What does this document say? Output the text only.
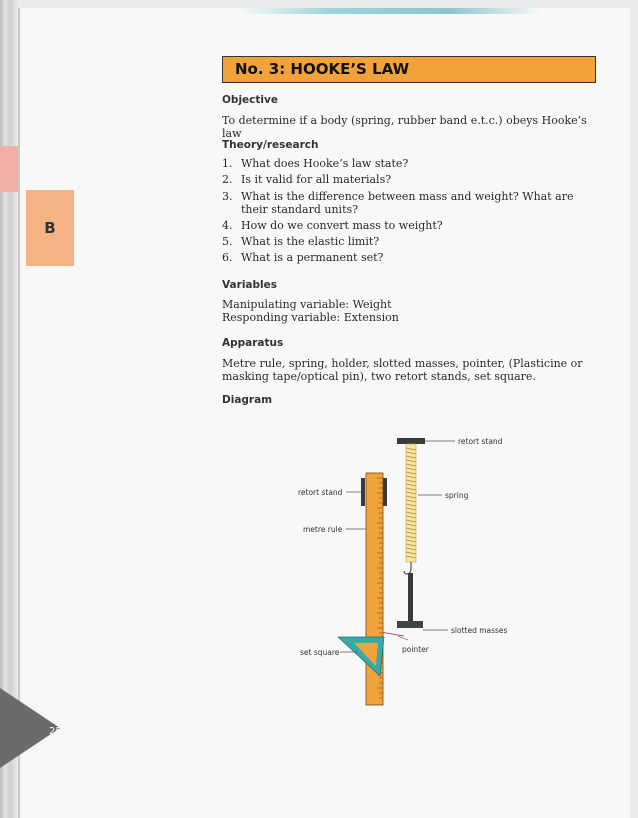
B
No. 3: HOOKE’S LAW
Objective
To determine if a body (spring, rubber band e.t.c.) obeys Hooke’s law
Theory/research
1. What does Hooke’s law state?
2. Is it valid for all materials?
3. What is the difference between mass and weight? What are their standard units?
4. How do we convert mass to weight?
5. What is the elastic limit?
6. What is a permanent set?
Variables
Manipulating variable: Weight
Responding variable: Extension
Apparatus
Metre rule, spring, holder, slotted masses, pointer, (Plasticine or masking tape/optical pin), two retort stands, set square.
Diagram
retort stand
spring
slotted masses
pointer
retort stand
metre rule
set square
258
